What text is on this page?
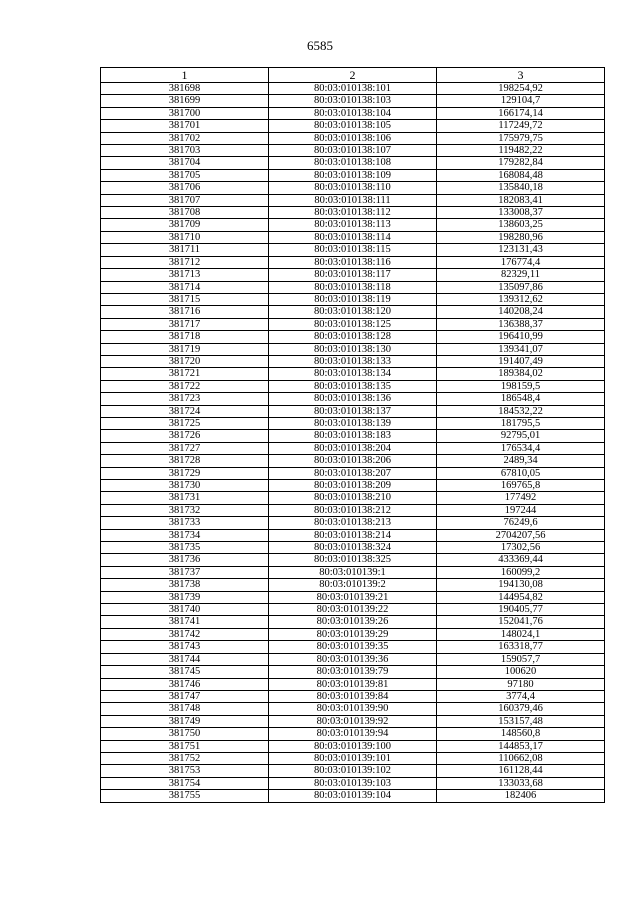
6585
1	2	3
381698	80:03:010138:101	198254,92
381699	80:03:010138:103	129104,7
381700	80:03:010138:104	166174,14
381701	80:03:010138:105	117249,72
381702	80:03:010138:106	175979,75
381703	80:03:010138:107	119482,22
381704	80:03:010138:108	179282,84
381705	80:03:010138:109	168084,48
381706	80:03:010138:110	135840,18
381707	80:03:010138:111	182083,41
381708	80:03:010138:112	133008,37
381709	80:03:010138:113	138603,25
381710	80:03:010138:114	198280,96
381711	80:03:010138:115	123131,43
381712	80:03:010138:116	176774,4
381713	80:03:010138:117	82329,11
381714	80:03:010138:118	135097,86
381715	80:03:010138:119	139312,62
381716	80:03:010138:120	140208,24
381717	80:03:010138:125	136388,37
381718	80:03:010138:128	196410,99
381719	80:03:010138:130	139341,07
381720	80:03:010138:133	191407,49
381721	80:03:010138:134	189384,02
381722	80:03:010138:135	198159,5
381723	80:03:010138:136	186548,4
381724	80:03:010138:137	184532,22
381725	80:03:010138:139	181795,5
381726	80:03:010138:183	92795,01
381727	80:03:010138:204	176534,4
381728	80:03:010138:206	2489,34
381729	80:03:010138:207	67810,05
381730	80:03:010138:209	169765,8
381731	80:03:010138:210	177492
381732	80:03:010138:212	197244
381733	80:03:010138:213	76249,6
381734	80:03:010138:214	2704207,56
381735	80:03:010138:324	17302,56
381736	80:03:010138:325	433369,44
381737	80:03:010139:1	160099,2
381738	80:03:010139:2	194130,08
381739	80:03:010139:21	144954,82
381740	80:03:010139:22	190405,77
381741	80:03:010139:26	152041,76
381742	80:03:010139:29	148024,1
381743	80:03:010139:35	163318,77
381744	80:03:010139:36	159057,7
381745	80:03:010139:79	100620
381746	80:03:010139:81	97180
381747	80:03:010139:84	3774,4
381748	80:03:010139:90	160379,46
381749	80:03:010139:92	153157,48
381750	80:03:010139:94	148560,8
381751	80:03:010139:100	144853,17
381752	80:03:010139:101	110662,08
381753	80:03:010139:102	161128,44
381754	80:03:010139:103	133033,68
381755	80:03:010139:104	182406
